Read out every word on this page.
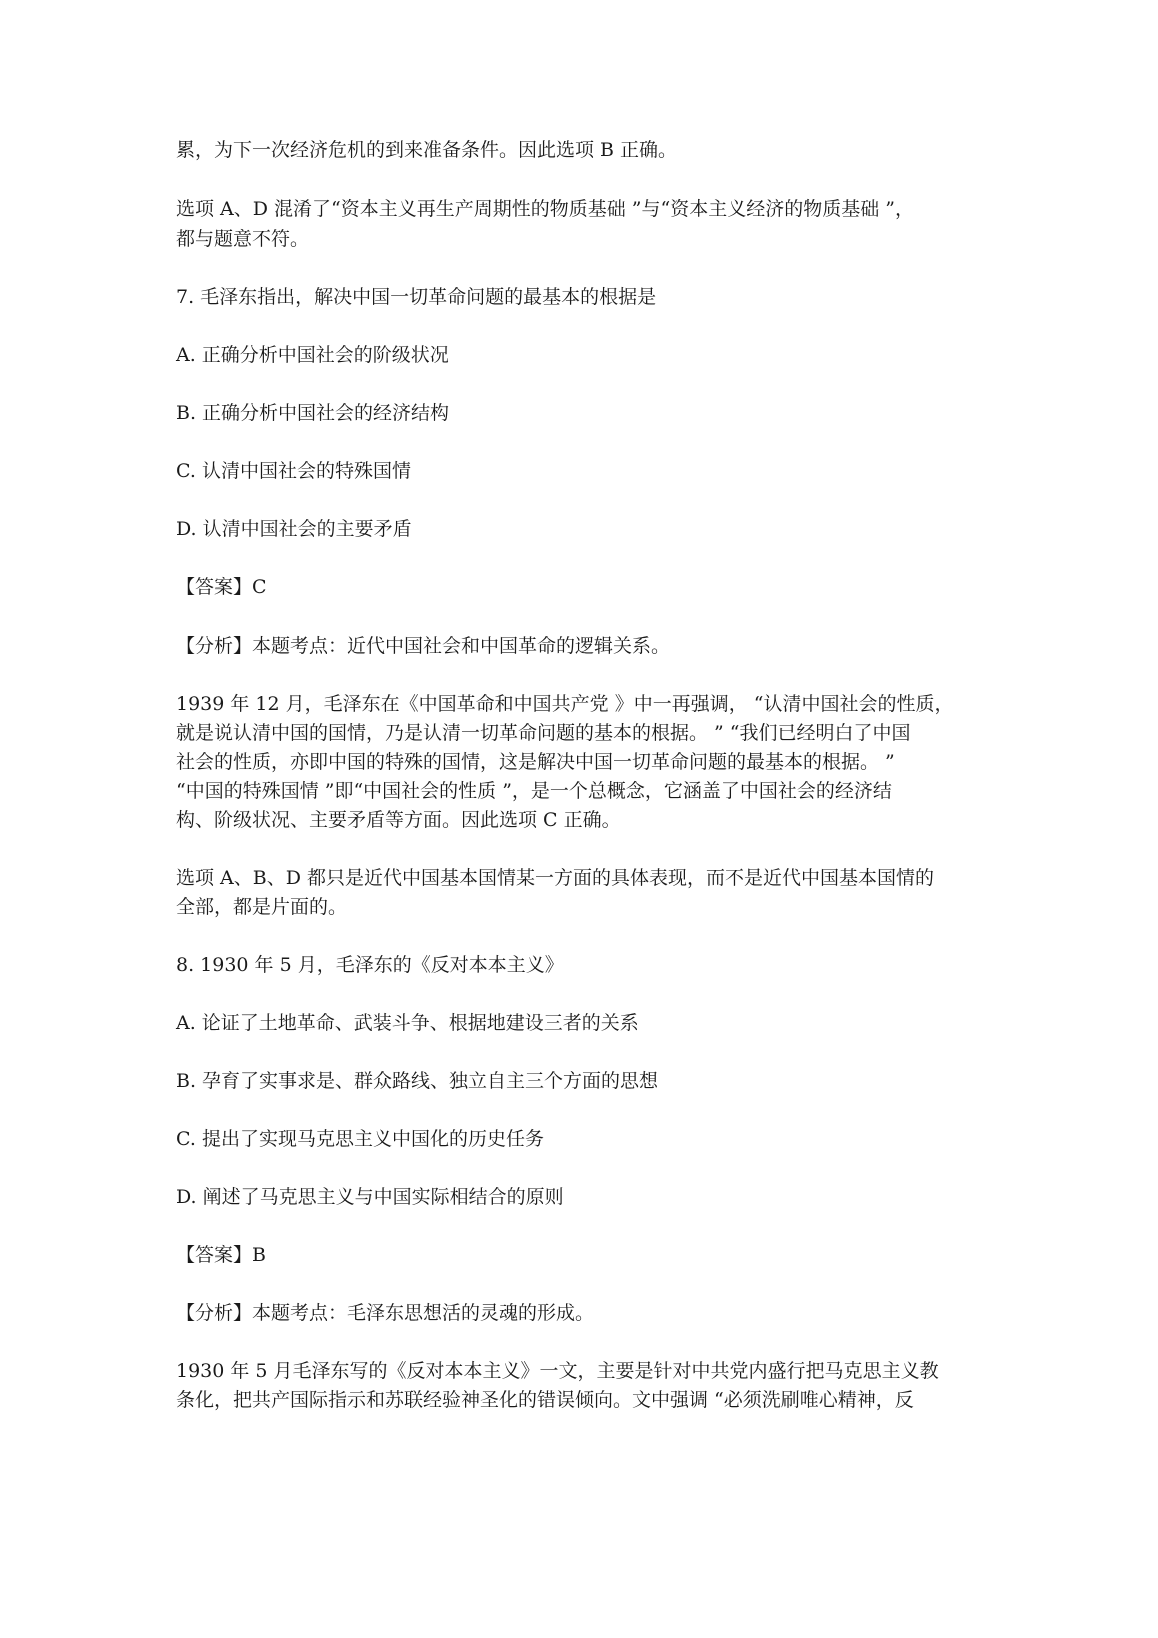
累，为下一次经济危机的到来准备条件。因此选项 B 正确。
选项 A、D 混淆了“资本主义再生产周期性的物质基础 ”与“资本主义经济的物质基础 ”，
都与题意不符。
7. 毛泽东指出，解决中国一切革命问题的最基本的根据是
A. 正确分析中国社会的阶级状况
B. 正确分析中国社会的经济结构
C. 认清中国社会的特殊国情
D. 认清中国社会的主要矛盾
【答案】C
【分析】本题考点：近代中国社会和中国革命的逻辑关系。
1939 年 12 月，毛泽东在《中国革命和中国共产党 》中一再强调， “认清中国社会的性质，
就是说认清中国的国情，乃是认清一切革命问题的基本的根据。 ” “我们已经明白了中国
社会的性质，亦即中国的特殊的国情，这是解决中国一切革命问题的最基本的根据。 ”
“中国的特殊国情 ”即“中国社会的性质 ”，是一个总概念，它涵盖了中国社会的经济结
构、阶级状况、主要矛盾等方面。因此选项 C 正确。
选项 A、B、D 都只是近代中国基本国情某一方面的具体表现，而不是近代中国基本国情的
全部，都是片面的。
8. 1930 年 5 月，毛泽东的《反对本本主义》
A. 论证了土地革命、武装斗争、根据地建设三者的关系
B. 孕育了实事求是、群众路线、独立自主三个方面的思想
C. 提出了实现马克思主义中国化的历史任务
D. 阐述了马克思主义与中国实际相结合的原则
【答案】B
【分析】本题考点：毛泽东思想活的灵魂的形成。
1930 年 5 月毛泽东写的《反对本本主义》一文，主要是针对中共党内盛行把马克思主义教
条化，把共产国际指示和苏联经验神圣化的错误倾向。文中强调 “必须洗刷唯心精神，反
